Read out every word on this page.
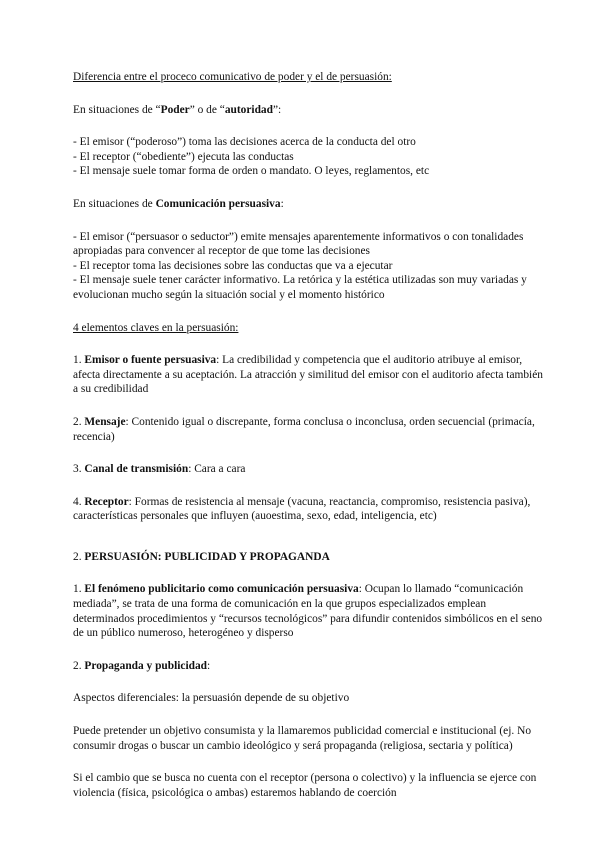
Diferencia entre el proceco comunicativo de poder y el de persuasión:

En situaciones de “Poder” o de “autoridad”:

- El emisor (“poderoso”) toma las decisiones acerca de la conducta del otro

- El receptor (“obediente”) ejecuta las conductas

- El mensaje suele tomar forma de orden o mandato. O leyes, reglamentos, etc

En situaciones de Comunicación persuasiva:

- El emisor (“persuasor o seductor”) emite mensajes aparentemente informativos o con tonalidades apropiadas para convencer al receptor de que tome las decisiones

- El receptor toma las decisiones sobre las conductas que va a ejecutar

- El mensaje suele tener carácter informativo. La retórica y la estética utilizadas son muy variadas y evolucionan mucho según la situación social y el momento histórico

4 elementos claves en la persuasión:

1. Emisor o fuente persuasiva: La credibilidad y competencia que el auditorio atribuye al emisor, afecta directamente a su aceptación. La atracción y similitud del emisor con el auditorio afecta también a su credibilidad

2. Mensaje: Contenido igual o discrepante, forma conclusa o inconclusa, orden secuencial (primacía, recencia)

3. Canal de transmisión: Cara a cara

4. Receptor: Formas de resistencia al mensaje (vacuna, reactancia, compromiso, resistencia pasiva), características personales que influyen (auoestima, sexo, edad, inteligencia, etc)

2. PERSUASIÓN: PUBLICIDAD Y PROPAGANDA

1. El fenómeno publicitario como comunicación persuasiva: Ocupan lo llamado “comunicación mediada”, se trata de una forma de comunicación en la que grupos especializados emplean determinados procedimientos y “recursos tecnológicos” para difundir contenidos simbólicos en el seno de un público numeroso, heterogéneo y disperso

2. Propaganda y publicidad:

Aspectos diferenciales: la persuasión depende de su objetivo

Puede pretender un objetivo consumista y la llamaremos publicidad comercial e institucional (ej. No consumir drogas o buscar un cambio ideológico y será propaganda (religiosa, sectaria y política)

Si el cambio que se busca no cuenta con el receptor (persona o colectivo) y la influencia se ejerce con violencia (física, psicológica o ambas) estaremos hablando de coerción
